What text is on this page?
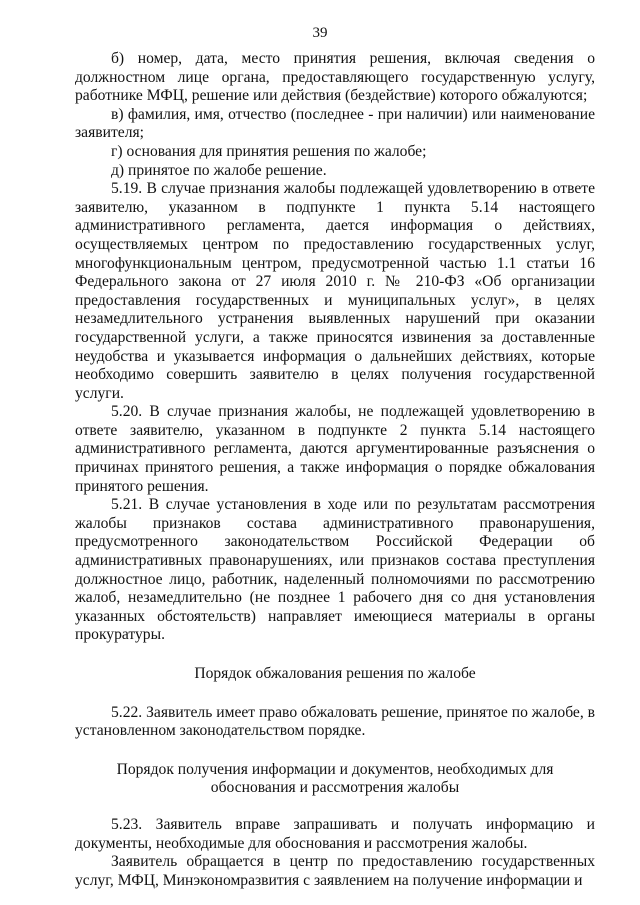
39

б) номер, дата, место принятия решения, включая сведения о должностном лице органа, предоставляющего государственную услугу, работнике МФЦ, решение или действия (бездействие) которого обжалуются;

в) фамилия, имя, отчество (последнее - при наличии) или наименование заявителя;

г) основания для принятия решения по жалобе;

д) принятое по жалобе решение.

5.19. В случае признания жалобы подлежащей удовлетворению в ответе заявителю, указанном в подпункте 1 пункта 5.14 настоящего административного регламента, дается информация о действиях, осуществляемых центром по предоставлению государственных услуг, многофункциональным центром, предусмотренной частью 1.1 статьи 16 Федерального закона от 27 июля 2010 г. № 210-ФЗ «Об организации предоставления государственных и муниципальных услуг», в целях незамедлительного устранения выявленных нарушений при оказании государственной услуги, а также приносятся извинения за доставленные неудобства и указывается информация о дальнейших действиях, которые необходимо совершить заявителю в целях получения государственной услуги.

5.20. В случае признания жалобы, не подлежащей удовлетворению в ответе заявителю, указанном в подпункте 2 пункта 5.14 настоящего административного регламента, даются аргументированные разъяснения о причинах принятого решения, а также информация о порядке обжалования принятого решения.

5.21. В случае установления в ходе или по результатам рассмотрения жалобы признаков состава административного правонарушения, предусмотренного законодательством Российской Федерации об административных правонарушениях, или признаков состава преступления должностное лицо, работник, наделенный полномочиями по рассмотрению жалоб, незамедлительно (не позднее 1 рабочего дня со дня установления указанных обстоятельств) направляет имеющиеся материалы в органы прокуратуры.

Порядок обжалования решения по жалобе

5.22. Заявитель имеет право обжаловать решение, принятое по жалобе, в установленном законодательством порядке.

Порядок получения информации и документов, необходимых для

обоснования и рассмотрения жалобы

5.23. Заявитель вправе запрашивать и получать информацию и документы, необходимые для обоснования и рассмотрения жалобы.

Заявитель обращается в центр по предоставлению государственных услуг, МФЦ, Минэкономразвития с заявлением на получение информации и
